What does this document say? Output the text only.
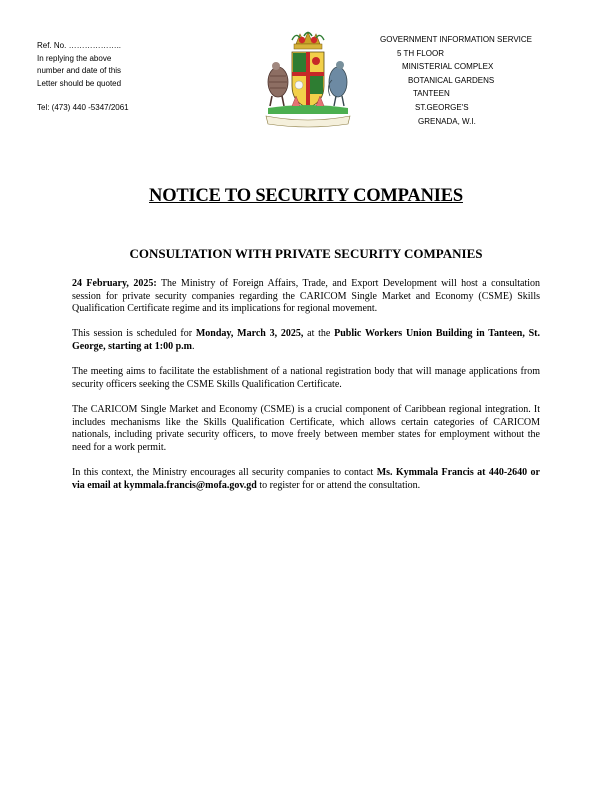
Ref. No. ………………..
In replying the above
number and date of this
Letter should be quoted
Tel: (473) 440 -5347/2061
GOVERNMENT INFORMATION SERVICE
5 TH FLOOR
MINISTERIAL COMPLEX
BOTANICAL GARDENS
TANTEEN
ST.GEORGE'S
GRENADA, W.I.
NOTICE TO SECURITY COMPANIES
CONSULTATION WITH PRIVATE SECURITY COMPANIES

24 February, 2025: The Ministry of Foreign Affairs, Trade, and Export Development will host a consultation session for private security companies regarding the CARICOM Single Market and Economy (CSME) Skills Qualification Certificate regime and its implications for regional movement.

This session is scheduled for Monday, March 3, 2025, at the Public Workers Union Building in Tanteen, St. George, starting at 1:00 p.m.

The meeting aims to facilitate the establishment of a national registration body that will manage applications from security officers seeking the CSME Skills Qualification Certificate.

The CARICOM Single Market and Economy (CSME) is a crucial component of Caribbean regional integration. It includes mechanisms like the Skills Qualification Certificate, which allows certain categories of CARICOM nationals, including private security officers, to move freely between member states for employment without the need for a work permit.

In this context, the Ministry encourages all security companies to contact Ms. Kymmala Francis at 440-2640 or via email at kymmala.francis@mofa.gov.gd to register for or attend the consultation.
